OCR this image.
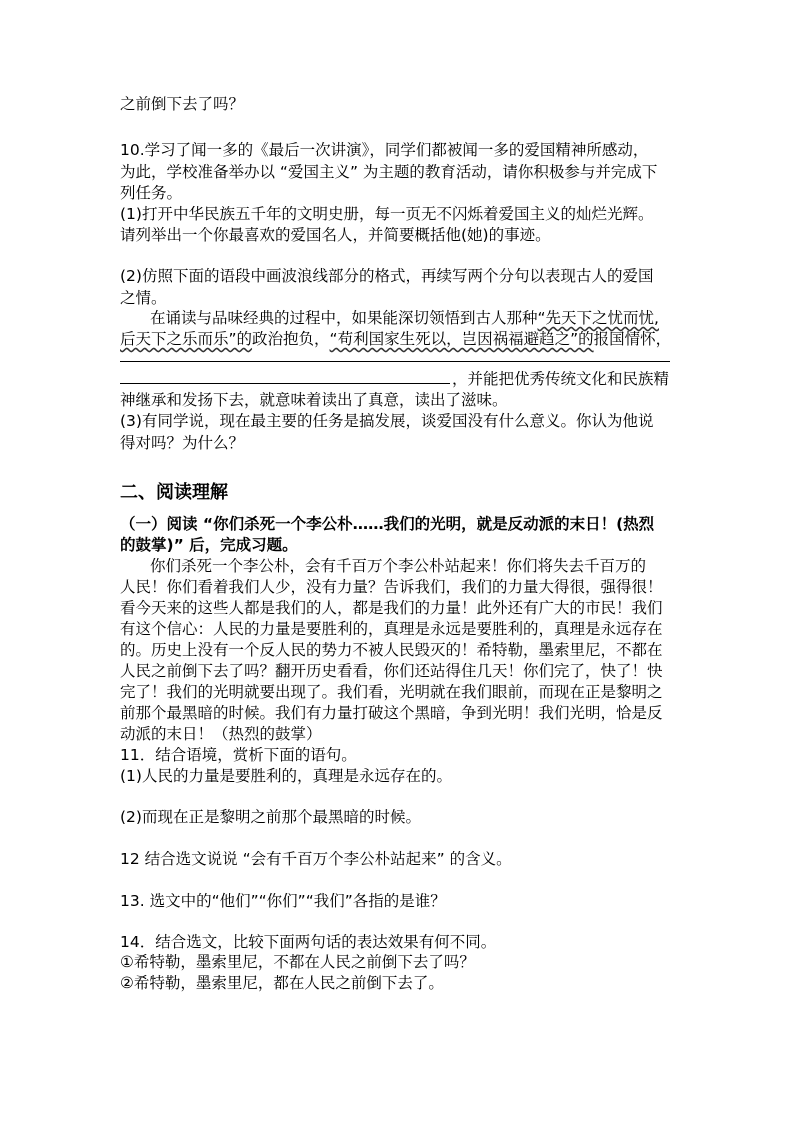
之前倒下去了吗？

10.学习了闻一多的《最后一次讲演》，同学们都被闻一多的爱国精神所感动，

为此，学校准备举办以 “爱国主义” 为主题的教育活动，请你积极参与并完成下

列任务。

(1)打开中华民族五千年的文明史册，每一页无不闪烁着爱国主义的灿烂光辉。

请列举出一个你最喜欢的爱国名人，并简要概括他(她)的事迹。

(2)仿照下面的语段中画波浪线部分的格式，再续写两个分句以表现古人的爱国

之情。

在诵读与品味经典的过程中，如果能深切领悟到古人那种“先天下之忧而忧,

后天下之乐而乐”的政治抱负，“苟利国家生死以，岂因祸福避趋之”的报国情怀，

，并能把优秀传统文化和民族精

神继承和发扬下去，就意味着读出了真意，读出了滋味。

(3)有同学说，现在最主要的任务是搞发展，谈爱国没有什么意义。你认为他说

得对吗？为什么？

二、阅读理解

（一）阅读 “你们杀死一个李公朴……我们的光明，就是反动派的末日！(热烈

的鼓掌)” 后，完成习题。

你们杀死一个李公朴，会有千百万个李公朴站起来！你们将失去千百万的

人民！你们看着我们人少，没有力量？告诉我们，我们的力量大得很，强得很！

看今天来的这些人都是我们的人，都是我们的力量！此外还有广大的市民！我们

有这个信心：人民的力量是要胜利的，真理是永远是要胜利的，真理是永远存在

的。历史上没有一个反人民的势力不被人民毁灭的！希特勒，墨索里尼，不都在

人民之前倒下去了吗？翻开历史看看，你们还站得住几天！你们完了，快了！快

完了！我们的光明就要出现了。我们看，光明就在我们眼前，而现在正是黎明之

前那个最黑暗的时候。我们有力量打破这个黑暗，争到光明！我们光明，恰是反

动派的末日！（热烈的鼓掌）

11．结合语境，赏析下面的语句。

(1)人民的力量是要胜利的，真理是永远存在的。

(2)而现在正是黎明之前那个最黑暗的时候。

12 结合选文说说 “会有千百万个李公朴站起来” 的含义。

13. 选文中的“他们”“你们”“我们”各指的是谁？

14．结合选文，比较下面两句话的表达效果有何不同。

①希特勒，墨索里尼，不都在人民之前倒下去了吗？

②希特勒，墨索里尼，都在人民之前倒下去了。
